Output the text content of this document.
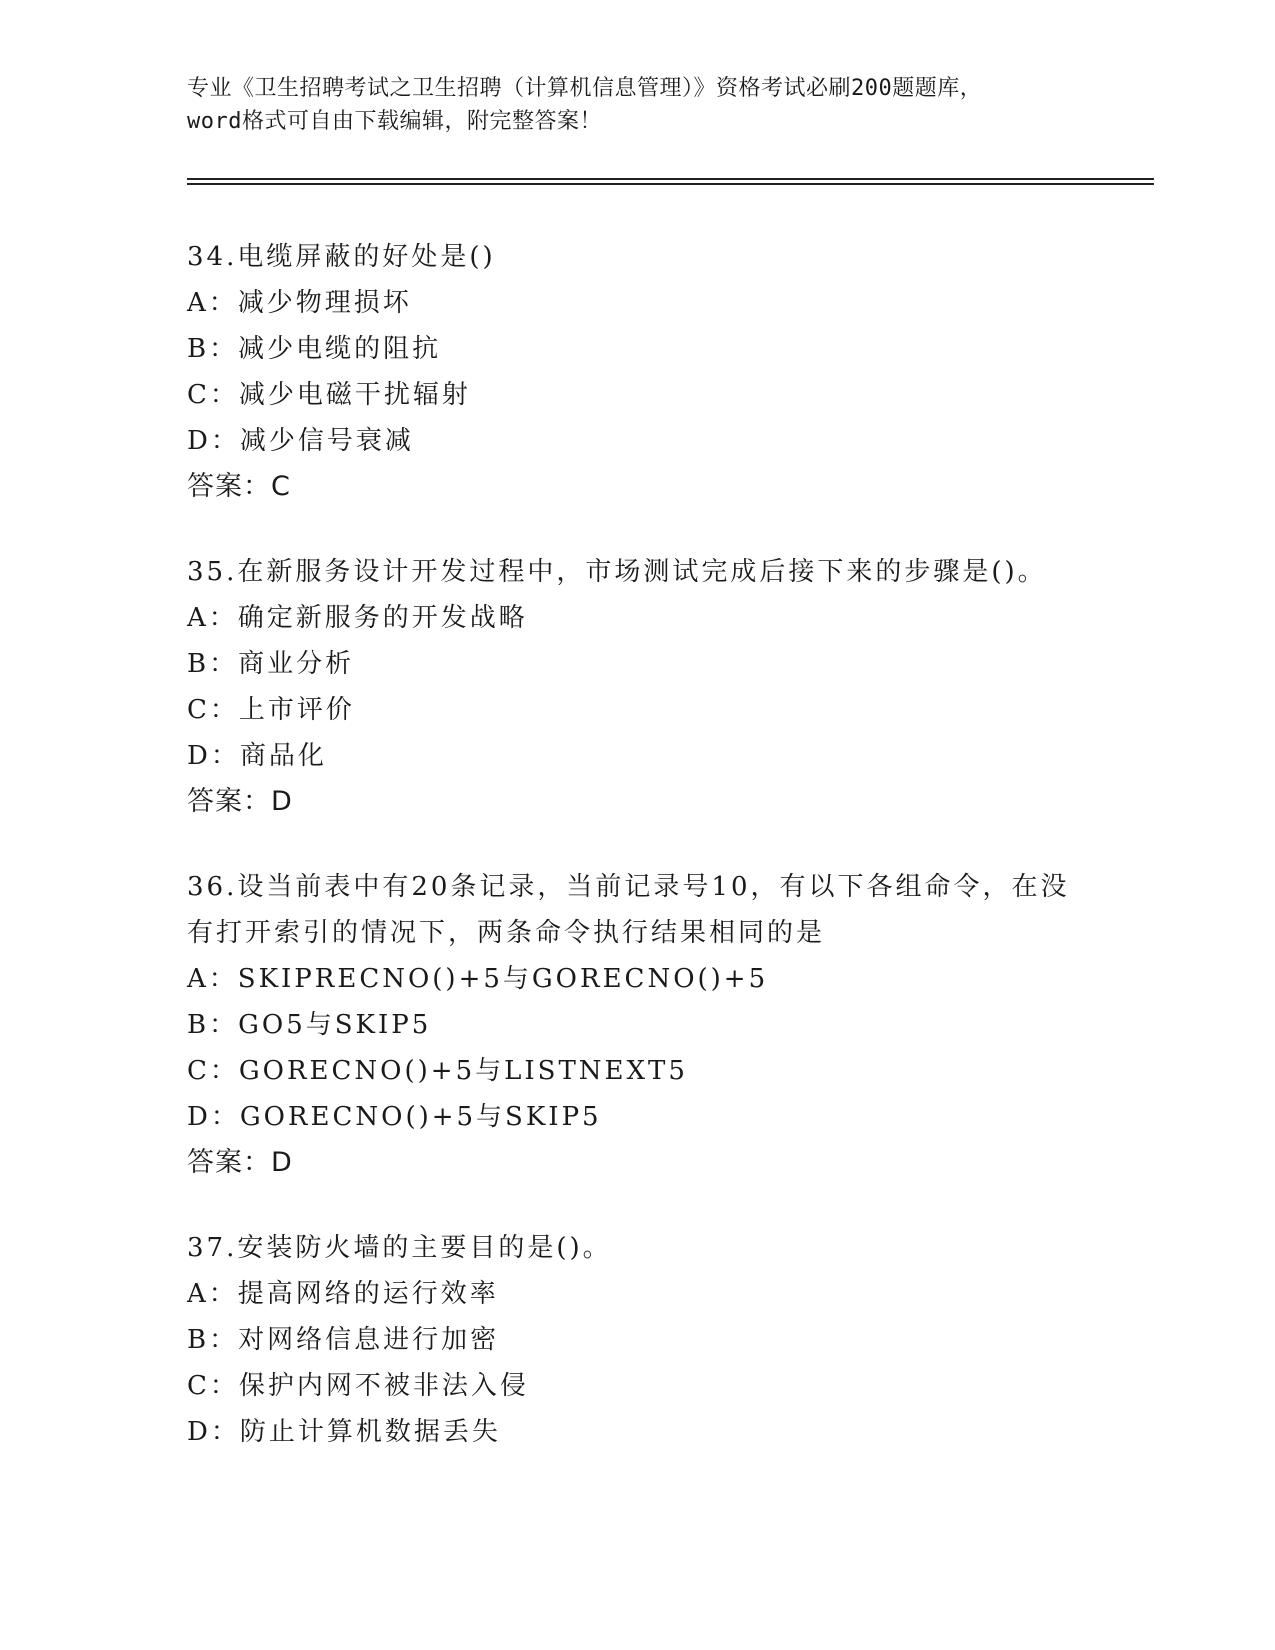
专业《卫生招聘考试之卫生招聘（计算机信息管理）》资格考试必刷200题题库，
word格式可自由下载编辑，附完整答案！
34.电缆屏蔽的好处是()
A：减少物理损坏
B：减少电缆的阻抗
C：减少电磁干扰辐射
D：减少信号衰减
答案：C
35.在新服务设计开发过程中，市场测试完成后接下来的步骤是()。
A：确定新服务的开发战略
B：商业分析
C：上市评价
D：商品化
答案：D
36.设当前表中有20条记录，当前记录号10，有以下各组命令，在没
有打开索引的情况下，两条命令执行结果相同的是
A：SKIPRECNO()+5与GORECNO()+5
B：GO5与SKIP5
C：GORECNO()+5与LISTNEXT5
D：GORECNO()+5与SKIP5
答案：D
37.安装防火墙的主要目的是()。
A：提高网络的运行效率
B：对网络信息进行加密
C：保护内网不被非法入侵
D：防止计算机数据丢失
